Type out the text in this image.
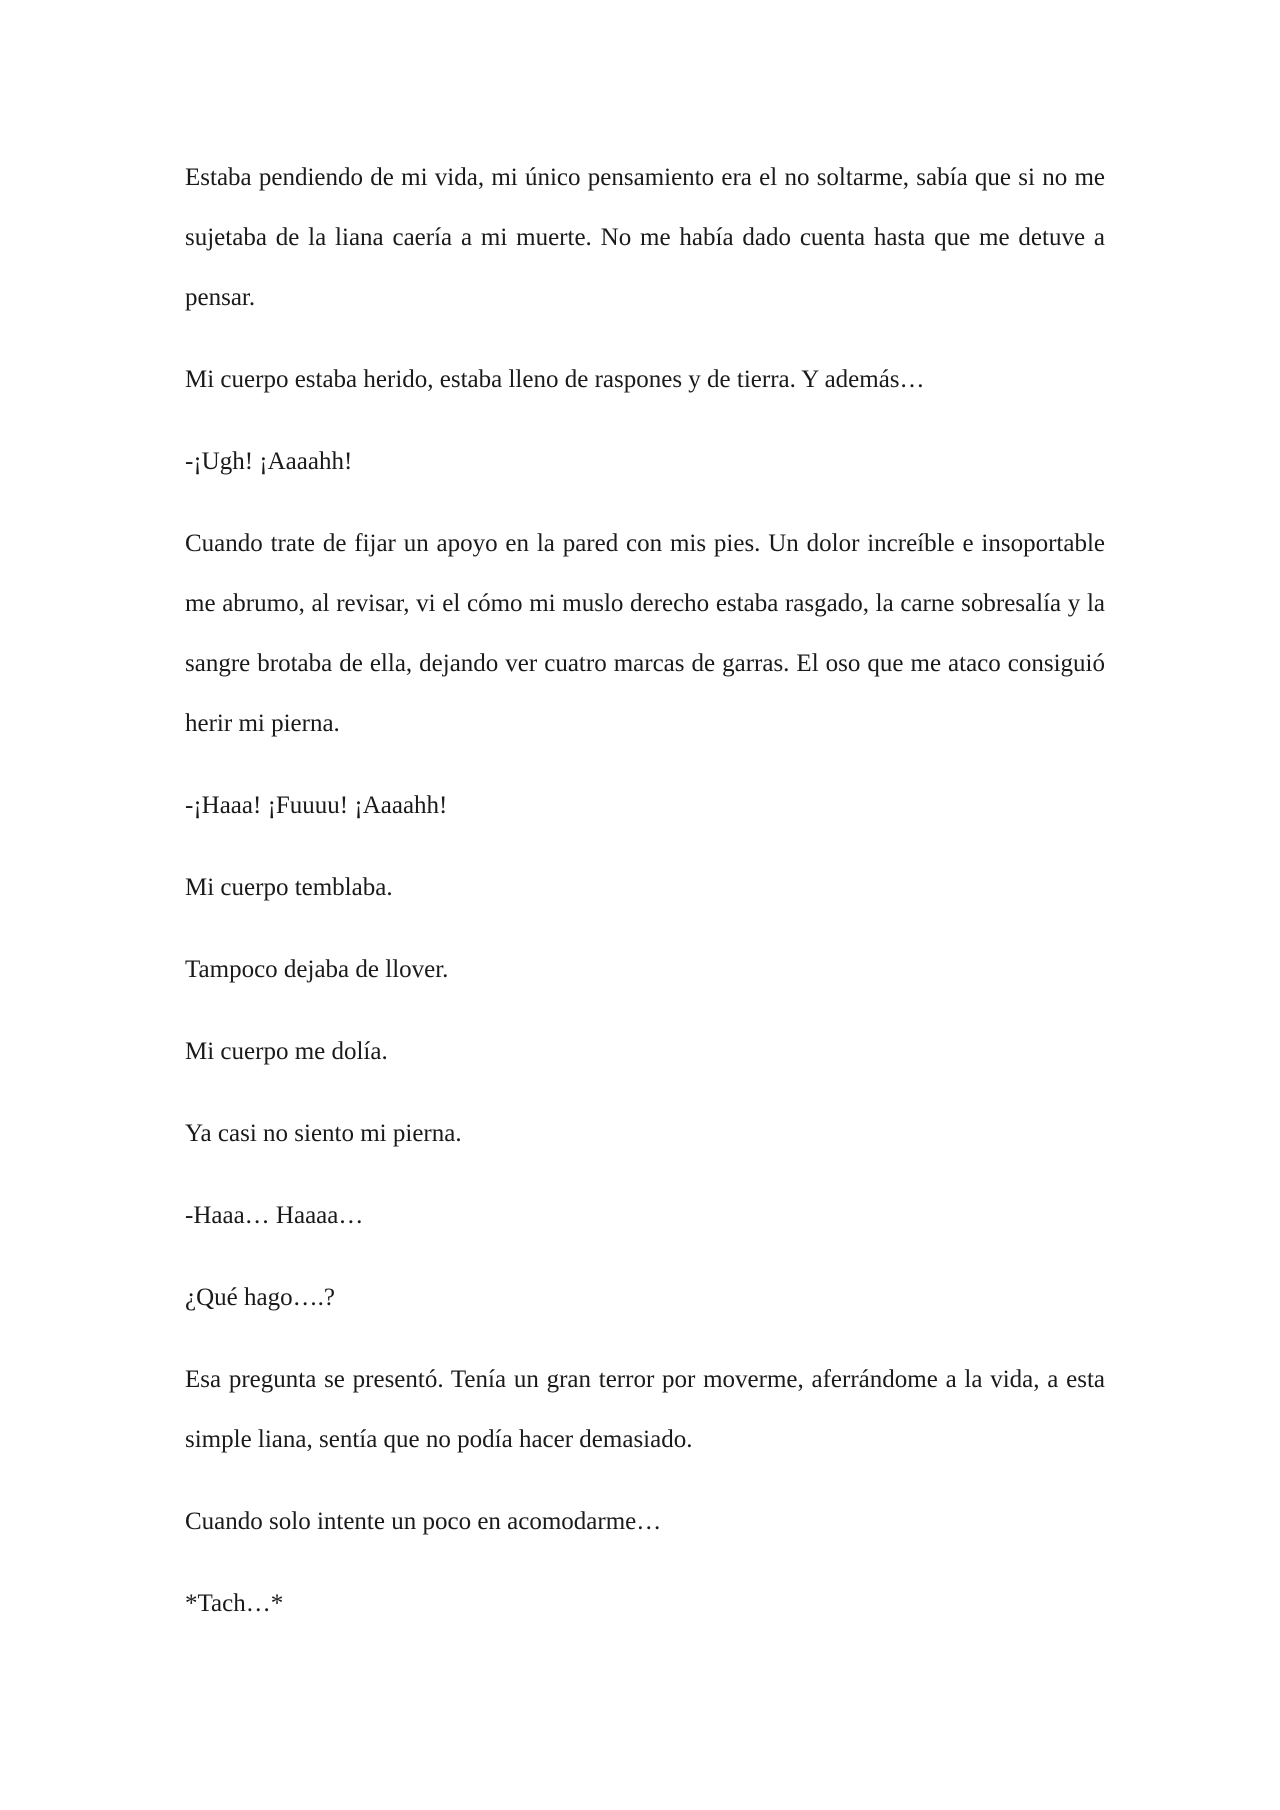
Estaba pendiendo de mi vida, mi único pensamiento era el no soltarme, sabía que si no me sujetaba de la liana caería a mi muerte. No me había dado cuenta hasta que me detuve a pensar.

Mi cuerpo estaba herido, estaba lleno de raspones y de tierra. Y además…

-¡Ugh! ¡Aaaahh!

Cuando trate de fijar un apoyo en la pared con mis pies. Un dolor increíble e insoportable me abrumo, al revisar, vi el cómo mi muslo derecho estaba rasgado, la carne sobresalía y la sangre brotaba de ella, dejando ver cuatro marcas de garras. El oso que me ataco consiguió herir mi pierna.

-¡Haaa! ¡Fuuuu! ¡Aaaahh!

Mi cuerpo temblaba.

Tampoco dejaba de llover.

Mi cuerpo me dolía.

Ya casi no siento mi pierna.

-Haaa… Haaaa…

¿Qué hago….?

Esa pregunta se presentó. Tenía un gran terror por moverme, aferrándome a la vida, a esta simple liana, sentía que no podía hacer demasiado.

Cuando solo intente un poco en acomodarme…

*Tach…*
